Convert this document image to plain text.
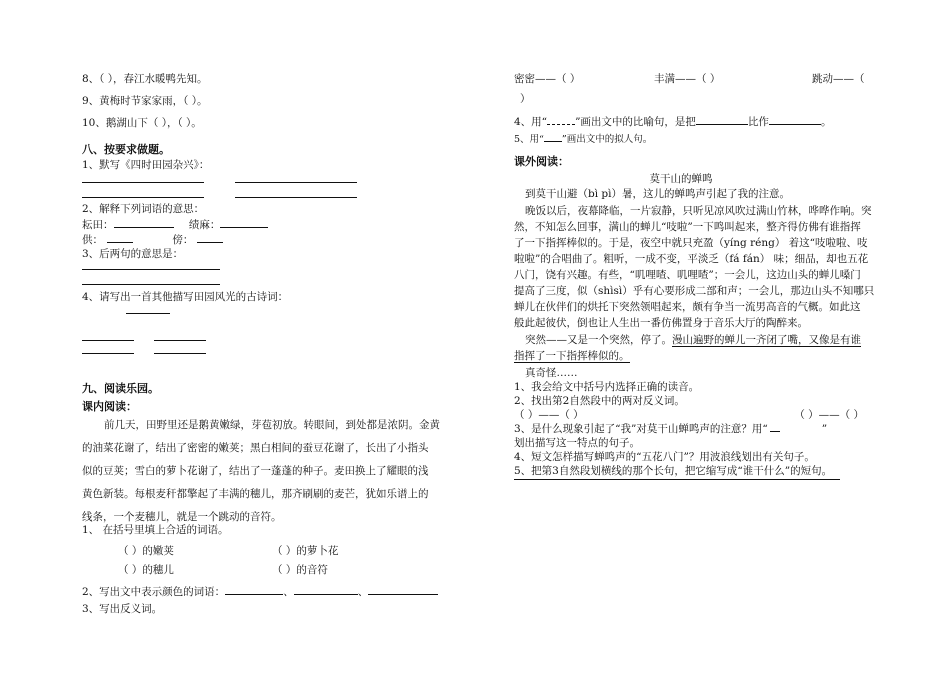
8、（ ），春江水暖鸭先知。
9、黄梅时节家家雨，（ ）。
10、鹅湖山下（ ），（ ）。
八、按要求做题。
1、默写《四时田园杂兴》：
2、解释下列词语的意思：
耘田：	绩麻：
供：	傍：
3、后两句的意思是：
4、请写出一首其他描写田园风光的古诗词：
九、阅读乐园。
课内阅读：
前几天，田野里还是鹅黄嫩绿，芽苞初放。转眼间，到处都是浓阴。金黄
的油菜花谢了，结出了密密的嫩荚；黑白相间的蚕豆花谢了，长出了小指头
似的豆荚；雪白的萝卜花谢了，结出了一蓬蓬的种子。麦田换上了耀眼的浅
黄色新装。每根麦秆都擎起了丰满的穗儿，那齐刷刷的麦芒，犹如乐谱上的
线条，一个麦穗儿，就是一个跳动的音符。
1、 在括号里填上合适的词语。
（ ）的嫩荚	（ ）的萝卜花
（ ）的穗儿	（ ）的音符
2、写出文中表示颜色的词语：	、	、
3、写出反义词。
密密——（ ）	丰满——（ ）	跳动——（
）
4、用“	”画出文中的比喻句，是把	比作	。
5、用“ ”画出文中的拟人句。
课外阅读：
莫干山的蝉鸣
到莫干山避（bì pì）暑，这儿的蝉鸣声引起了我的注意。
晚饭以后，夜幕降临，一片寂静，只听见凉风吹过满山竹林，哗哗作响。突
然，不知怎么回事，满山的蝉儿“吱啦”一下鸣叫起来，整齐得仿佛有谁指挥
了一下指挥棒似的。于是，夜空中就只充盈（yíng réng） 着这“吱啦啦、吱
啦啦”的合唱曲了。粗听，一成不变，平淡乏（fá fán） 味；细品，却也五花
八门，饶有兴趣。有些，“叽哩喳、叽哩喳”；一会儿，这边山头的蝉儿嗓门
提高了三度，似（shìsì）乎有心要形成二部和声；一会儿，那边山头不知哪只
蝉儿在伙伴们的烘托下突然领唱起来，颇有争当一流男高音的气概。如此这
般此起彼伏，倒也让人生出一番仿佛置身于音乐大厅的陶醉来。
突然——又是一个突然，停了。漫山遍野的蝉儿一齐闭了嘴，又像是有谁
指挥了一下指挥棒似的。
真奇怪……
1、我会给文中括号内选择正确的读音。
2、找出第2自然段中的两对反义词。
（ ）——（ ）	（ ）——（ ）
3、是什么现象引起了“我”对莫干山蝉鸣声的注意？用“	”
划出描写这一特点的句子。
4、短文怎样描写蝉鸣声的“五花八门”？用波浪线划出有关句子。
5、把第3自然段划横线的那个长句，把它缩写成“谁干什么”的短句。
